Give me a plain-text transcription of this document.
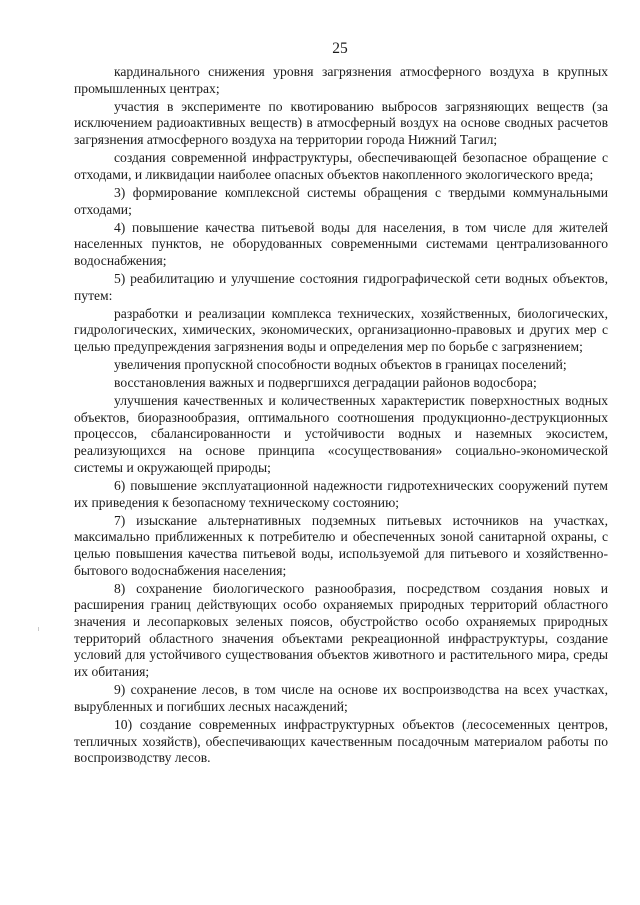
25

кардинального снижения уровня загрязнения атмосферного воздуха в крупных промышленных центрах;

участия в эксперименте по квотированию выбросов загрязняющих веществ (за исключением радиоактивных веществ) в атмосферный воздух на основе сводных расчетов загрязнения атмосферного воздуха на территории города Нижний Тагил;

создания современной инфраструктуры, обеспечивающей безопасное обращение с отходами, и ликвидации наиболее опасных объектов накопленного экологического вреда;

3) формирование комплексной системы обращения с твердыми коммунальными отходами;

4) повышение качества питьевой воды для населения, в том числе для жителей населенных пунктов, не оборудованных современными системами централизованного водоснабжения;

5) реабилитацию и улучшение состояния гидрографической сети водных объектов, путем:

разработки и реализации комплекса технических, хозяйственных, биологических, гидрологических, химических, экономических, организационно-правовых и других мер с целью предупреждения загрязнения воды и определения мер по борьбе с загрязнением;

увеличения пропускной способности водных объектов в границах поселений;

восстановления важных и подвергшихся деградации районов водосбора;

улучшения качественных и количественных характеристик поверхностных водных объектов, биоразнообразия, оптимального соотношения продукционно-деструкционных процессов, сбалансированности и устойчивости водных и наземных экосистем, реализующихся на основе принципа «сосуществования» социально-экономической системы и окружающей природы;

6) повышение эксплуатационной надежности гидротехнических сооружений путем их приведения к безопасному техническому состоянию;

7) изыскание альтернативных подземных питьевых источников на участках, максимально приближенных к потребителю и обеспеченных зоной санитарной охраны, с целью повышения качества питьевой воды, используемой для питьевого и хозяйственно-бытового водоснабжения населения;

8) сохранение биологического разнообразия, посредством создания новых и расширения границ действующих особо охраняемых природных территорий областного значения и лесопарковых зеленых поясов, обустройство особо охраняемых природных территорий областного значения объектами рекреационной инфраструктуры, создание условий для устойчивого существования объектов животного и растительного мира, среды их обитания;

9) сохранение лесов, в том числе на основе их воспроизводства на всех участках, вырубленных и погибших лесных насаждений;

10) создание современных инфраструктурных объектов (лесосеменных центров, тепличных хозяйств), обеспечивающих качественным посадочным материалом работы по воспроизводству лесов.
